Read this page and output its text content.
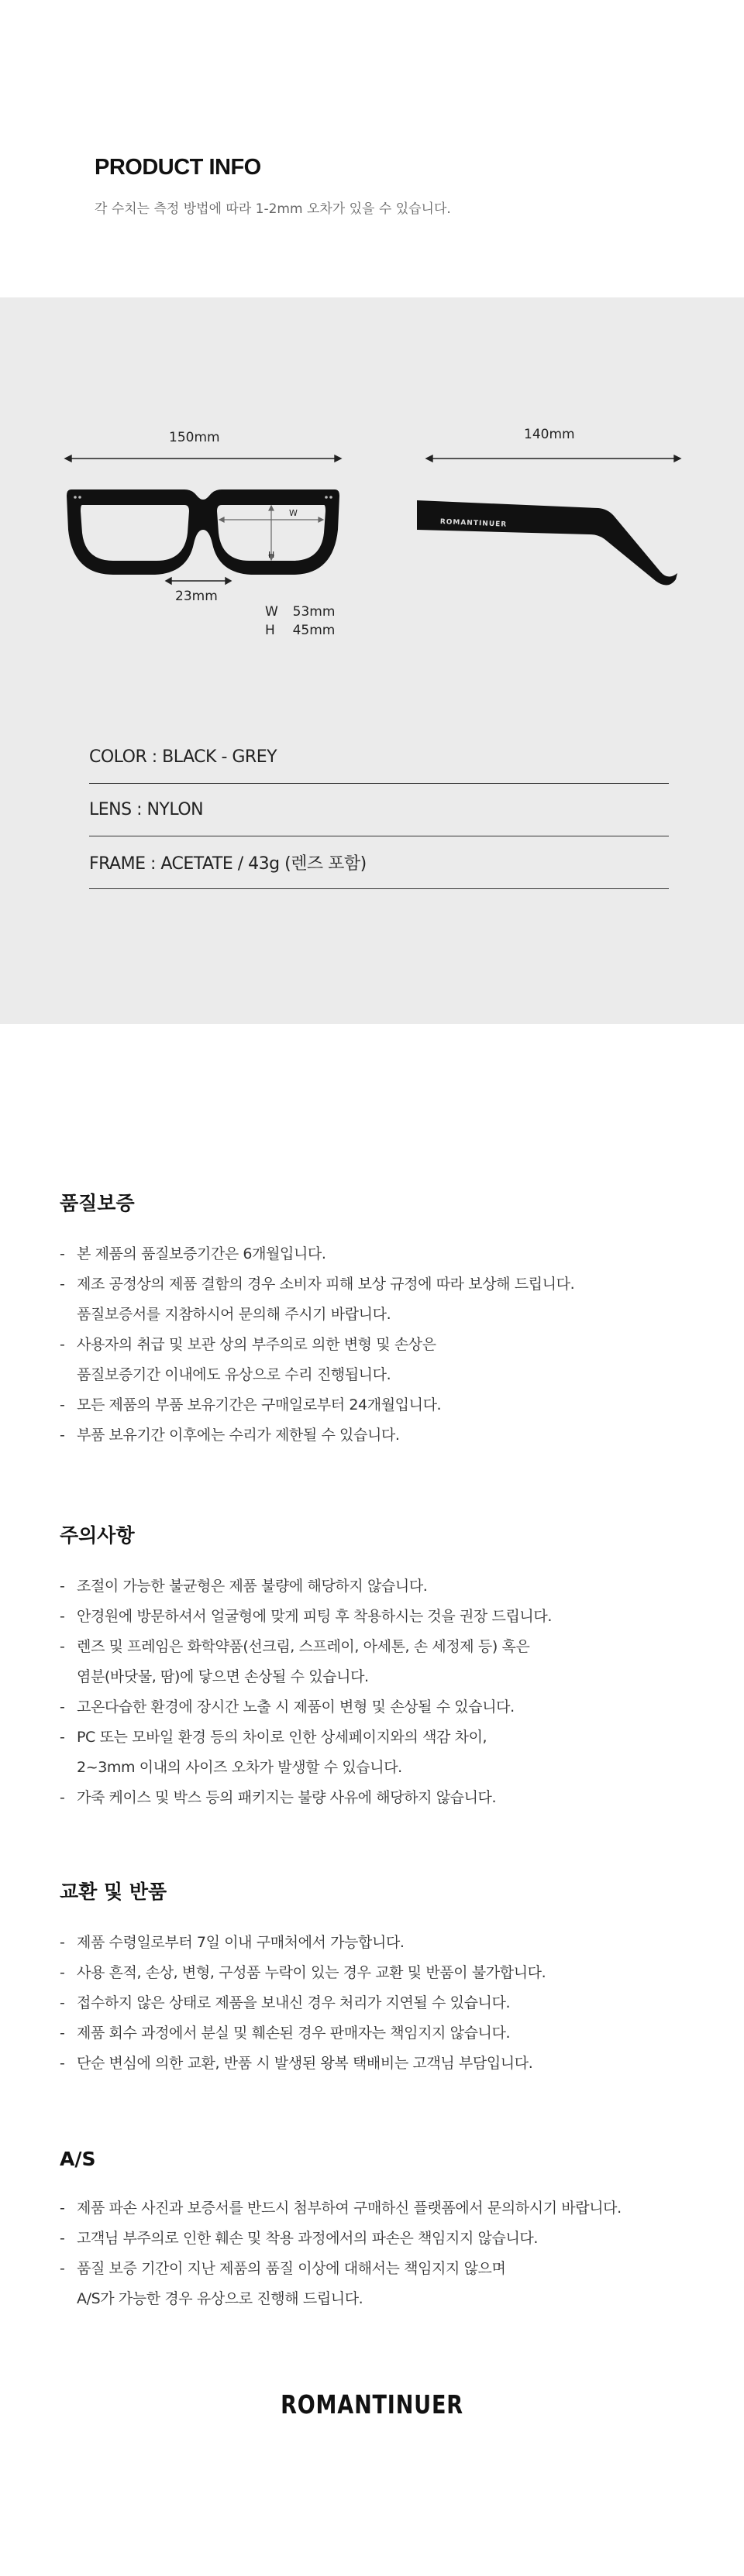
PRODUCT INFO
각 수치는 측정 방법에 따라 1-2mm 오차가 있을 수 있습니다.
150mm	140mm
23mm
W
H
ROMANTINUER
W 53mm
H 45mm
COLOR : BLACK - GREY
LENS : NYLON
FRAME : ACETATE / 43g (렌즈 포함)
품질보증
- 본 제품의 품질보증기간은 6개월입니다.
- 제조 공정상의 제품 결함의 경우 소비자 피해 보상 규정에 따라 보상해 드립니다.
품질보증서를 지참하시어 문의해 주시기 바랍니다.
- 사용자의 취급 및 보관 상의 부주의로 의한 변형 및 손상은
품질보증기간 이내에도 유상으로 수리 진행됩니다.
- 모든 제품의 부품 보유기간은 구매일로부터 24개월입니다.
- 부품 보유기간 이후에는 수리가 제한될 수 있습니다.
주의사항
- 조절이 가능한 불균형은 제품 불량에 해당하지 않습니다.
- 안경원에 방문하셔서 얼굴형에 맞게 피팅 후 착용하시는 것을 권장 드립니다.
- 렌즈 및 프레임은 화학약품(선크림, 스프레이, 아세톤, 손 세정제 등) 혹은
염분(바닷물, 땀)에 닿으면 손상될 수 있습니다.
- 고온다습한 환경에 장시간 노출 시 제품이 변형 및 손상될 수 있습니다.
- PC 또는 모바일 환경 등의 차이로 인한 상세페이지와의 색감 차이,
2~3mm 이내의 사이즈 오차가 발생할 수 있습니다.
- 가죽 케이스 및 박스 등의 패키지는 불량 사유에 해당하지 않습니다.
교환 및 반품
- 제품 수령일로부터 7일 이내 구매처에서 가능합니다.
- 사용 흔적, 손상, 변형, 구성품 누락이 있는 경우 교환 및 반품이 불가합니다.
- 접수하지 않은 상태로 제품을 보내신 경우 처리가 지연될 수 있습니다.
- 제품 회수 과정에서 분실 및 훼손된 경우 판매자는 책임지지 않습니다.
- 단순 변심에 의한 교환, 반품 시 발생된 왕복 택배비는 고객님 부담입니다.
A/S
- 제품 파손 사진과 보증서를 반드시 첨부하여 구매하신 플랫폼에서 문의하시기 바랍니다.
- 고객님 부주의로 인한 훼손 및 착용 과정에서의 파손은 책임지지 않습니다.
- 품질 보증 기간이 지난 제품의 품질 이상에 대해서는 책임지지 않으며
A/S가 가능한 경우 유상으로 진행해 드립니다.
ROMANTINUER
